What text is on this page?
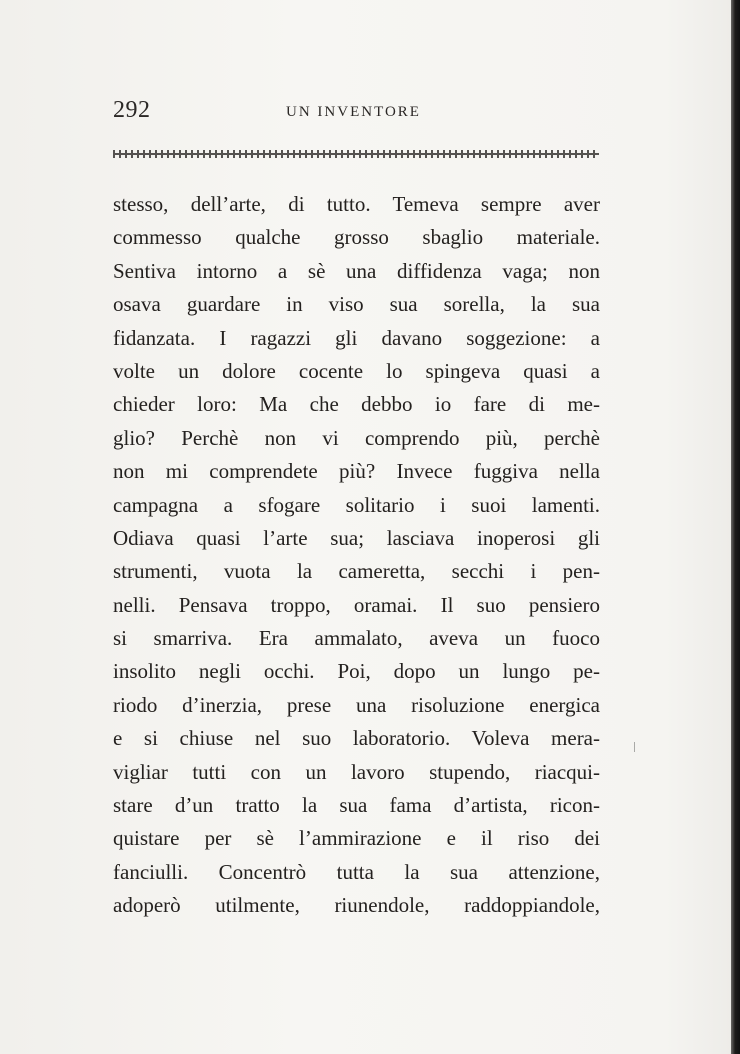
292	UN INVENTORE
stesso, dell’arte, di tutto. Temeva sempre aver
commesso qualche grosso sbaglio materiale.
Sentiva intorno a sè una diffidenza vaga; non
osava guardare in viso sua sorella, la sua
fidanzata. I ragazzi gli davano soggezione: a
volte un dolore cocente lo spingeva quasi a
chieder loro: Ma che debbo io fare di me-
glio? Perchè non vi comprendo più, perchè
non mi comprendete più? Invece fuggiva nella
campagna a sfogare solitario i suoi lamenti.
Odiava quasi l’arte sua; lasciava inoperosi gli
strumenti, vuota la cameretta, secchi i pen-
nelli. Pensava troppo, oramai. Il suo pensiero
si smarriva. Era ammalato, aveva un fuoco
insolito negli occhi. Poi, dopo un lungo pe-
riodo d’inerzia, prese una risoluzione energica
e si chiuse nel suo laboratorio. Voleva mera-
vigliar tutti con un lavoro stupendo, riacqui-
stare d’un tratto la sua fama d’artista, ricon-
quistare per sè l’ammirazione e il riso dei
fanciulli. Concentrò tutta la sua attenzione,
adoperò utilmente, riunendole, raddoppiandole,
